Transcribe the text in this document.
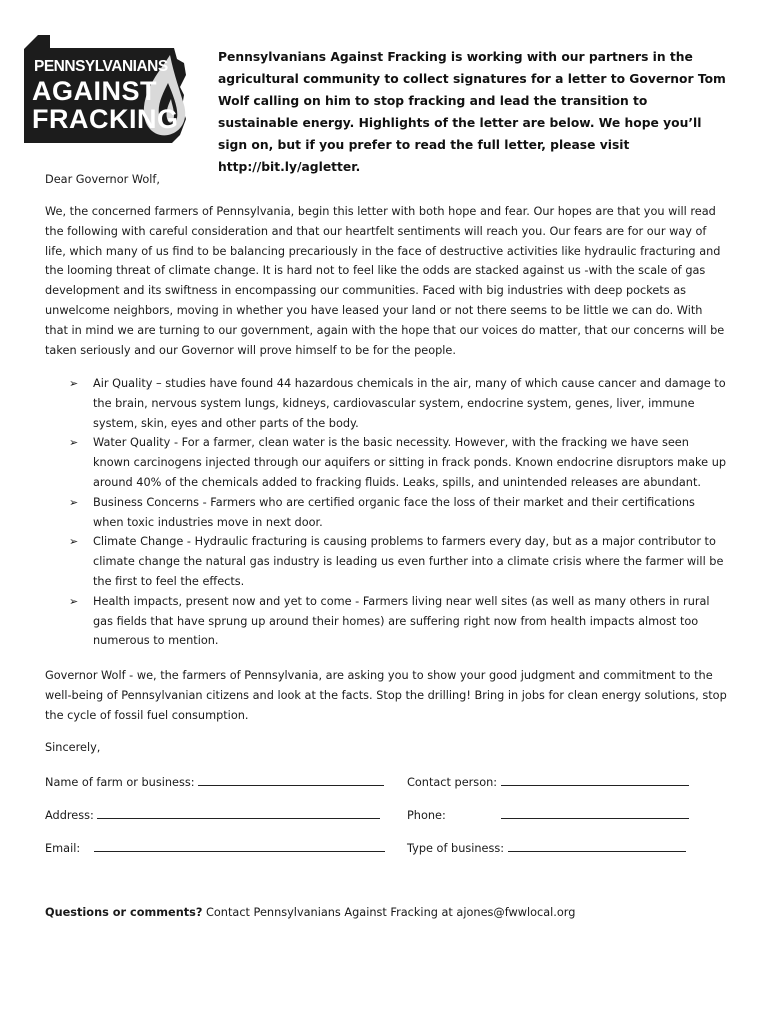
PENNSYLVANIANS
AGAINST
FRACKING
Pennsylvanians Against Fracking is working with our partners in the agricultural community to collect signatures for a letter to Governor Tom Wolf calling on him to stop fracking and lead the transition to sustainable energy. Highlights of the letter are below. We hope you’ll sign on, but if you prefer to read the full letter, please visit http://bit.ly/agletter.
Dear Governor Wolf,

We, the concerned farmers of Pennsylvania, begin this letter with both hope and fear. Our hopes are that you will read the following with careful consideration and that our heartfelt sentiments will reach you. Our fears are for our way of life, which many of us find to be balancing precariously in the face of destructive activities like hydraulic fracturing and the looming threat of climate change. It is hard not to feel like the odds are stacked against us -with the scale of gas development and its swiftness in encompassing our communities. Faced with big industries with deep pockets as unwelcome neighbors, moving in whether you have leased your land or not there seems to be little we can do. With that in mind we are turning to our government, again with the hope that our voices do matter, that our concerns will be taken seriously and our Governor will prove himself to be for the people.

➢ Air Quality – studies have found 44 hazardous chemicals in the air, many of which cause cancer and damage to the brain, nervous system lungs, kidneys, cardiovascular system, endocrine system, genes, liver, immune system, skin, eyes and other parts of the body.
➢ Water Quality - For a farmer, clean water is the basic necessity. However, with the fracking we have seen known carcinogens injected through our aquifers or sitting in frack ponds. Known endocrine disruptors make up around 40% of the chemicals added to fracking fluids. Leaks, spills, and unintended releases are abundant.
➢ Business Concerns - Farmers who are certified organic face the loss of their market and their certifications when toxic industries move in next door.
➢ Climate Change - Hydraulic fracturing is causing problems to farmers every day, but as a major contributor to climate change the natural gas industry is leading us even further into a climate crisis where the farmer will be the first to feel the effects.
➢ Health impacts, present now and yet to come - Farmers living near well sites (as well as many others in rural gas fields that have sprung up around their homes) are suffering right now from health impacts almost too numerous to mention.

Governor Wolf - we, the farmers of Pennsylvania, are asking you to show your good judgment and commitment to the well-being of Pennsylvanian citizens and look at the facts. Stop the drilling! Bring in jobs for clean energy solutions, stop the cycle of fossil fuel consumption.

Sincerely,
Name of farm or business:	Contact person:
Address:	Phone:
Email:	Type of business:
Questions or comments? Contact Pennsylvanians Against Fracking at ajones@fwwlocal.org
